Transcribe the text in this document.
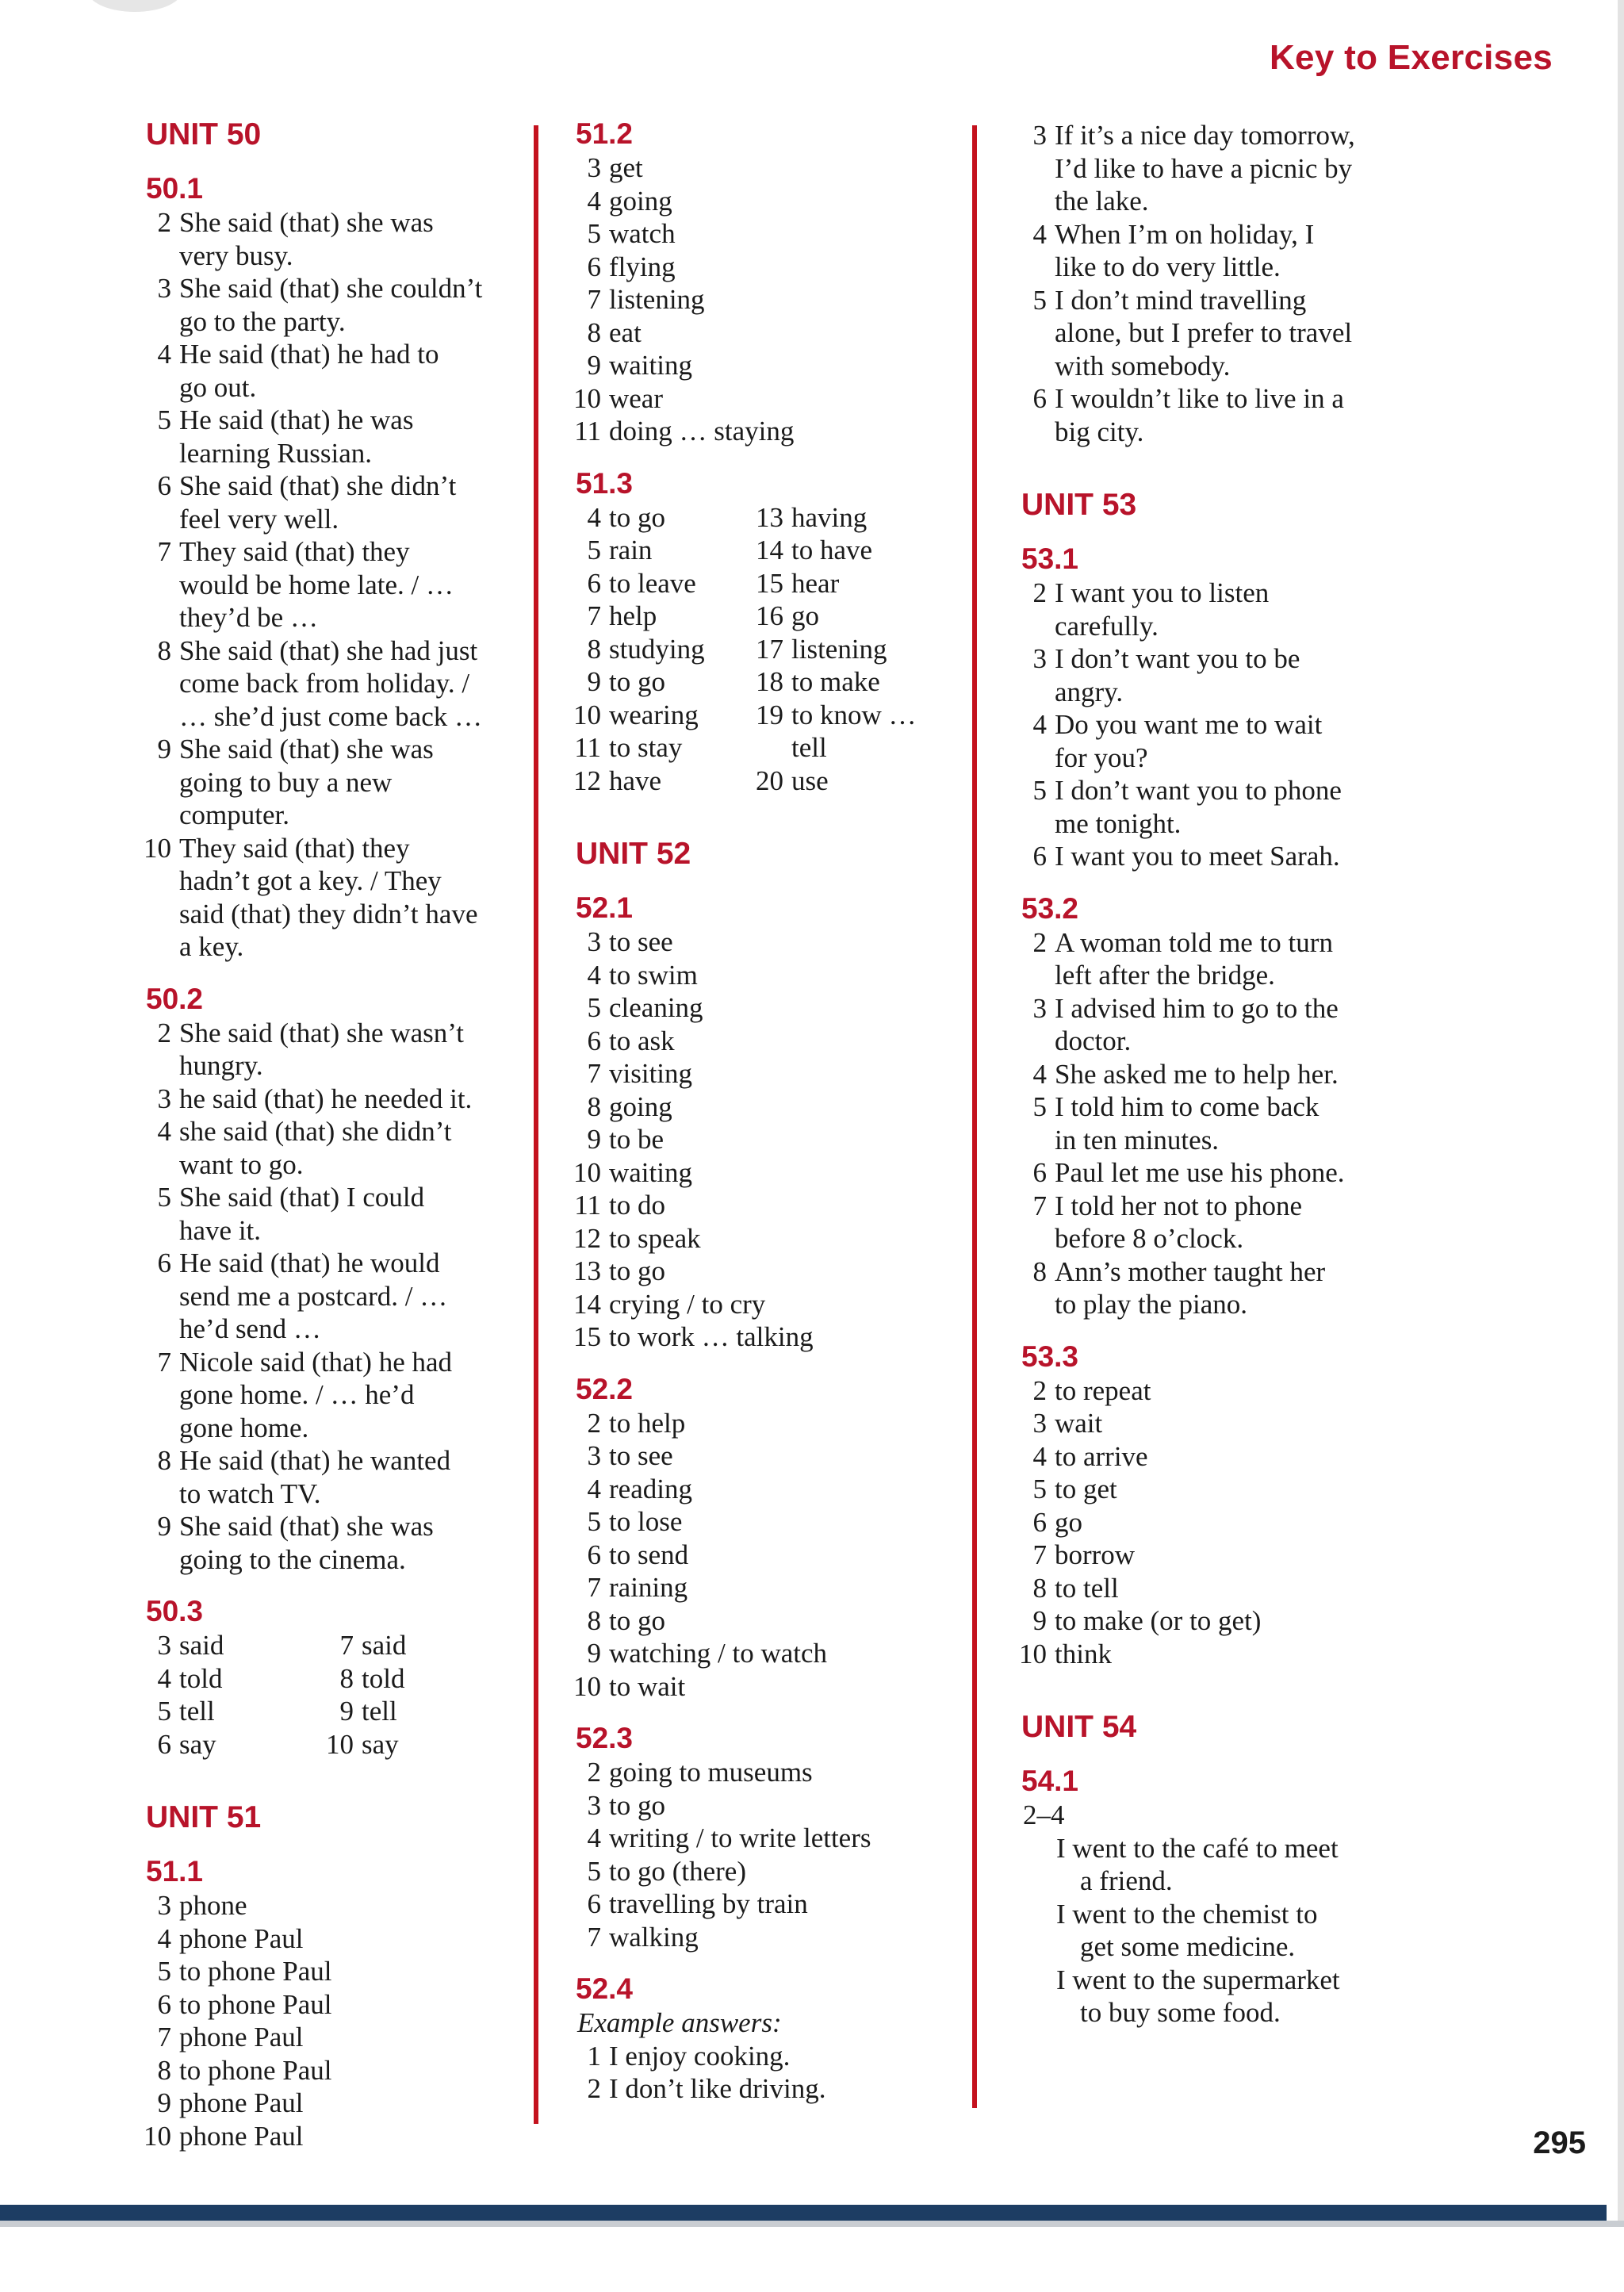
Key to Exercises
UNIT 50
50.1
2 She said (that) she was
very busy.
3 She said (that) she couldn’t
go to the party.
4 He said (that) he had to
go out.
5 He said (that) he was
learning Russian.
6 She said (that) she didn’t
feel very well.
7 They said (that) they
would be home late. / …
they’d be …
8 She said (that) she had just
come back from holiday. /
… she’d just come back …
9 She said (that) she was
going to buy a new
computer.
10 They said (that) they
hadn’t got a key. / They
said (that) they didn’t have
a key.
50.2
2 She said (that) she wasn’t
hungry.
3 he said (that) he needed it.
4 she said (that) she didn’t
want to go.
5 She said (that) I could
have it.
6 He said (that) he would
send me a postcard. / …
he’d send …
7 Nicole said (that) he had
gone home. / … he’d
gone home.
8 He said (that) he wanted
to watch TV.
9 She said (that) she was
going to the cinema.
50.3
3 said
4 told
5 tell
6 say
7 said
8 told
9 tell
10 say
UNIT 51
51.1
3 phone
4 phone Paul
5 to phone Paul
6 to phone Paul
7 phone Paul
8 to phone Paul
9 phone Paul
10 phone Paul
51.2
3 get
4 going
5 watch
6 flying
7 listening
8 eat
9 waiting
10 wear
11 doing … staying
51.3
4 to go
5 rain
6 to leave
7 help
8 studying
9 to go
10 wearing
11 to stay
12 have
13 having
14 to have
15 hear
16 go
17 listening
18 to make
19 to know …
tell
20 use
UNIT 52
52.1
3 to see
4 to swim
5 cleaning
6 to ask
7 visiting
8 going
9 to be
10 waiting
11 to do
12 to speak
13 to go
14 crying / to cry
15 to work … talking
52.2
2 to help
3 to see
4 reading
5 to lose
6 to send
7 raining
8 to go
9 watching / to watch
10 to wait
52.3
2 going to museums
3 to go
4 writing / to write letters
5 to go (there)
6 travelling by train
7 walking
52.4
Example answers:
1 I enjoy cooking.
2 I don’t like driving.
3 If it’s a nice day tomorrow,
I’d like to have a picnic by
the lake.
4 When I’m on holiday, I
like to do very little.
5 I don’t mind travelling
alone, but I prefer to travel
with somebody.
6 I wouldn’t like to live in a
big city.
UNIT 53
53.1
2 I want you to listen
carefully.
3 I don’t want you to be
angry.
4 Do you want me to wait
for you?
5 I don’t want you to phone
me tonight.
6 I want you to meet Sarah.
53.2
2 A woman told me to turn
left after the bridge.
3 I advised him to go to the
doctor.
4 She asked me to help her.
5 I told him to come back
in ten minutes.
6 Paul let me use his phone.
7 I told her not to phone
before 8 o’clock.
8 Ann’s mother taught her
to play the piano.
53.3
2 to repeat
3 wait
4 to arrive
5 to get
6 go
7 borrow
8 to tell
9 to make (or to get)
10 think
UNIT 54
54.1
2–4
I went to the café to meet
a friend.
I went to the chemist to
get some medicine.
I went to the supermarket
to buy some food.
295
